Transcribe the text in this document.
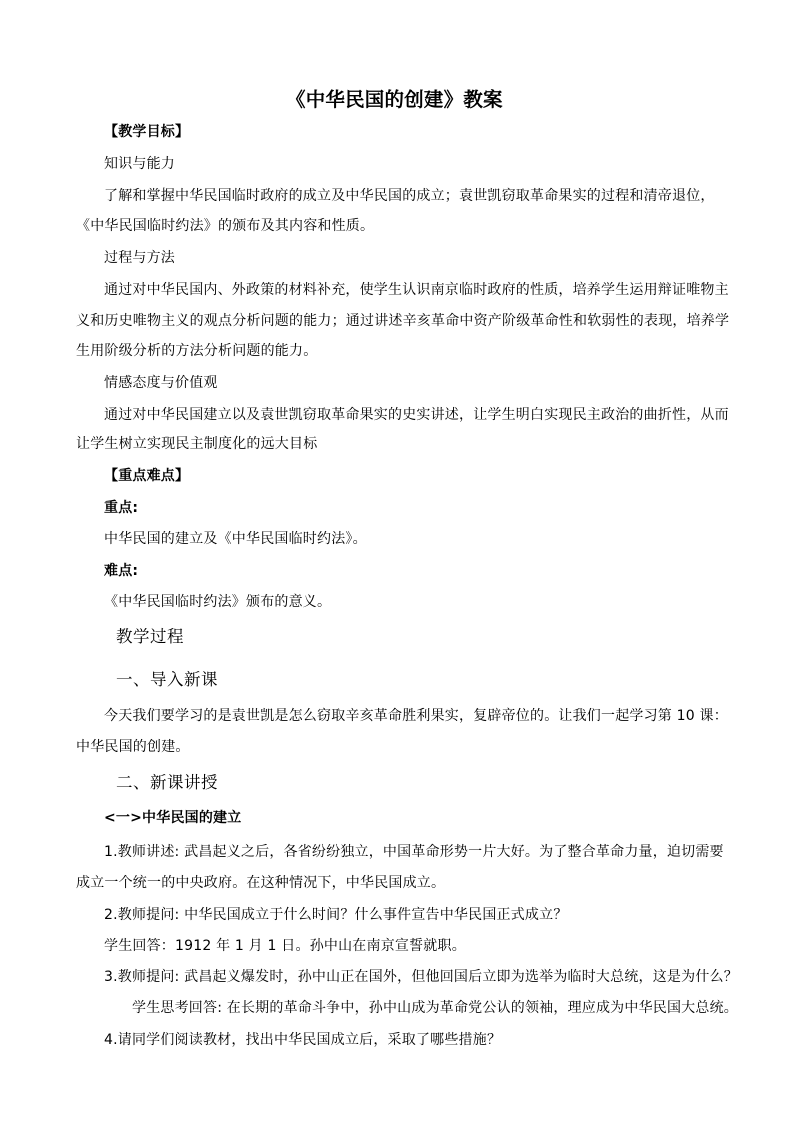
《中华民国的创建》教案
【教学目标】
知识与能力
了解和掌握中华民国临时政府的成立及中华民国的成立；袁世凯窃取革命果实的过程和清帝退位，
《中华民国临时约法》的颁布及其内容和性质。
过程与方法
通过对中华民国内、外政策的材料补充，使学生认识南京临时政府的性质，培养学生运用辩证唯物主
义和历史唯物主义的观点分析问题的能力；通过讲述辛亥革命中资产阶级革命性和软弱性的表现，培养学
生用阶级分析的方法分析问题的能力。
情感态度与价值观
通过对中华民国建立以及袁世凯窃取革命果实的史实讲述，让学生明白实现民主政治的曲折性，从而
让学生树立实现民主制度化的远大目标
【重点难点】
重点:
中华民国的建立及《中华民国临时约法》。
难点:
《中华民国临时约法》颁布的意义。
教学过程
一、导入新课
今天我们要学习的是袁世凯是怎么窃取辛亥革命胜利果实，复辟帝位的。让我们一起学习第 10 课：
中华民国的创建。
二、新课讲授
<一>中华民国的建立
1.教师讲述: 武昌起义之后，各省纷纷独立，中国革命形势一片大好。为了整合革命力量，迫切需要
成立一个统一的中央政府。在这种情况下，中华民国成立。
2.教师提问: 中华民国成立于什么时间？什么事件宣告中华民国正式成立？
学生回答：1912 年 1 月 1 日。孙中山在南京宣誓就职。
3.教师提问: 武昌起义爆发时，孙中山正在国外，但他回国后立即为选举为临时大总统，这是为什么？
学生思考回答: 在长期的革命斗争中，孙中山成为革命党公认的领袖，理应成为中华民国大总统。
4.请同学们阅读教材，找出中华民国成立后，采取了哪些措施？
